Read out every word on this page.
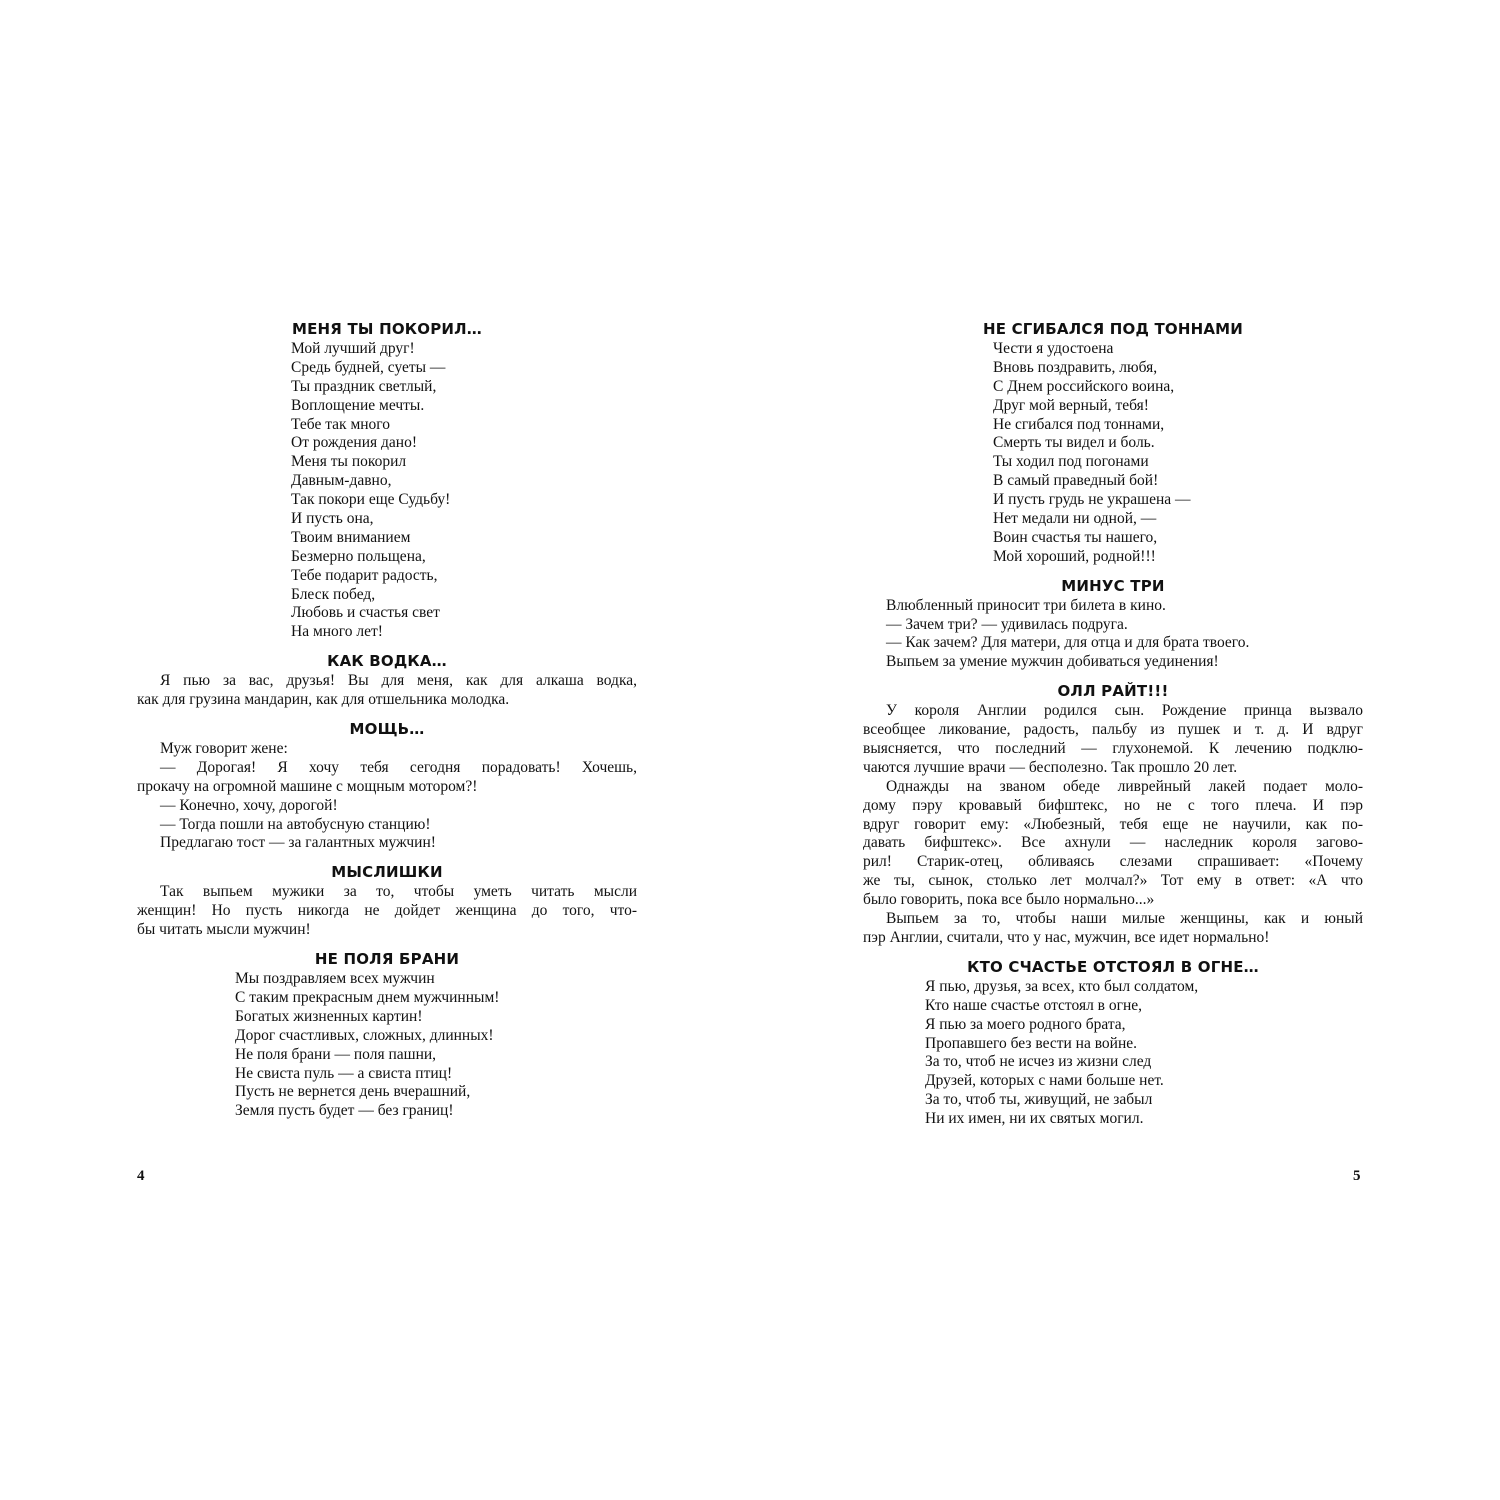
МЕНЯ ТЫ ПОКОРИЛ…
Мой лучший друг!
Средь будней, суеты —
Ты праздник светлый,
Воплощение мечты.
Тебе так много
От рождения дано!
Меня ты покорил
Давным-давно,
Так покори еще Судьбу!
И пусть она,
Твоим вниманием
Безмерно польщена,
Тебе подарит радость,
Блеск побед,
Любовь и счастья свет
На много лет!
КАК ВОДКА…
Я пью за вас, друзья! Вы для меня, как для алкаша водка,
как для грузина мандарин, как для отшельника молодка.
МОЩЬ…
Муж говорит жене:
— Дорогая! Я хочу тебя сегодня порадовать! Хочешь,
прокачу на огромной машине с мощным мотором?!
— Конечно, хочу, дорогой!
— Тогда пошли на автобусную станцию!
Предлагаю тост — за галантных мужчин!
МЫСЛИШКИ
Так выпьем мужики за то, чтобы уметь читать мысли
женщин! Но пусть никогда не дойдет женщина до того, что-
бы читать мысли мужчин!
НЕ ПОЛЯ БРАНИ
Мы поздравляем всех мужчин
С таким прекрасным днем мужчинным!
Богатых жизненных картин!
Дорог счастливых, сложных, длинных!
Не поля брани — поля пашни,
Не свиста пуль — а свиста птиц!
Пусть не вернется день вчерашний,
Земля пусть будет — без границ!
НЕ СГИБАЛСЯ ПОД ТОННАМИ
Чести я удостоена
Вновь поздравить, любя,
С Днем российского воина,
Друг мой верный, тебя!
Не сгибался под тоннами,
Смерть ты видел и боль.
Ты ходил под погонами
В самый праведный бой!
И пусть грудь не украшена —
Нет медали ни одной, —
Воин счастья ты нашего,
Мой хороший, родной!!!
МИНУС ТРИ
Влюбленный приносит три билета в кино.
— Зачем три? — удивилась подруга.
— Как зачем? Для матери, для отца и для брата твоего.
Выпьем за умение мужчин добиваться уединения!
ОЛЛ РАЙТ!!!
У короля Англии родился сын. Рождение принца вызвало
всеобщее ликование, радость, пальбу из пушек и т. д. И вдруг
выясняется, что последний — глухонемой. К лечению подклю-
чаются лучшие врачи — бесполезно. Так прошло 20 лет.
Однажды на званом обеде ливрейный лакей подает моло-
дому пэру кровавый бифштекс, но не с того плеча. И пэр
вдруг говорит ему: «Любезный, тебя еще не научили, как по-
давать бифштекс». Все ахнули — наследник короля загово-
рил! Старик-отец, обливаясь слезами спрашивает: «Почему
же ты, сынок, столько лет молчал?» Тот ему в ответ: «А что
было говорить, пока все было нормально...»
Выпьем за то, чтобы наши милые женщины, как и юный
пэр Англии, считали, что у нас, мужчин, все идет нормально!
КТО СЧАСТЬЕ ОТСТОЯЛ В ОГНЕ…
Я пью, друзья, за всех, кто был солдатом,
Кто наше счастье отстоял в огне,
Я пью за моего родного брата,
Пропавшего без вести на войне.
За то, чтоб не исчез из жизни след
Друзей, которых с нами больше нет.
За то, чтоб ты, живущий, не забыл
Ни их имен, ни их святых могил.
4	5
